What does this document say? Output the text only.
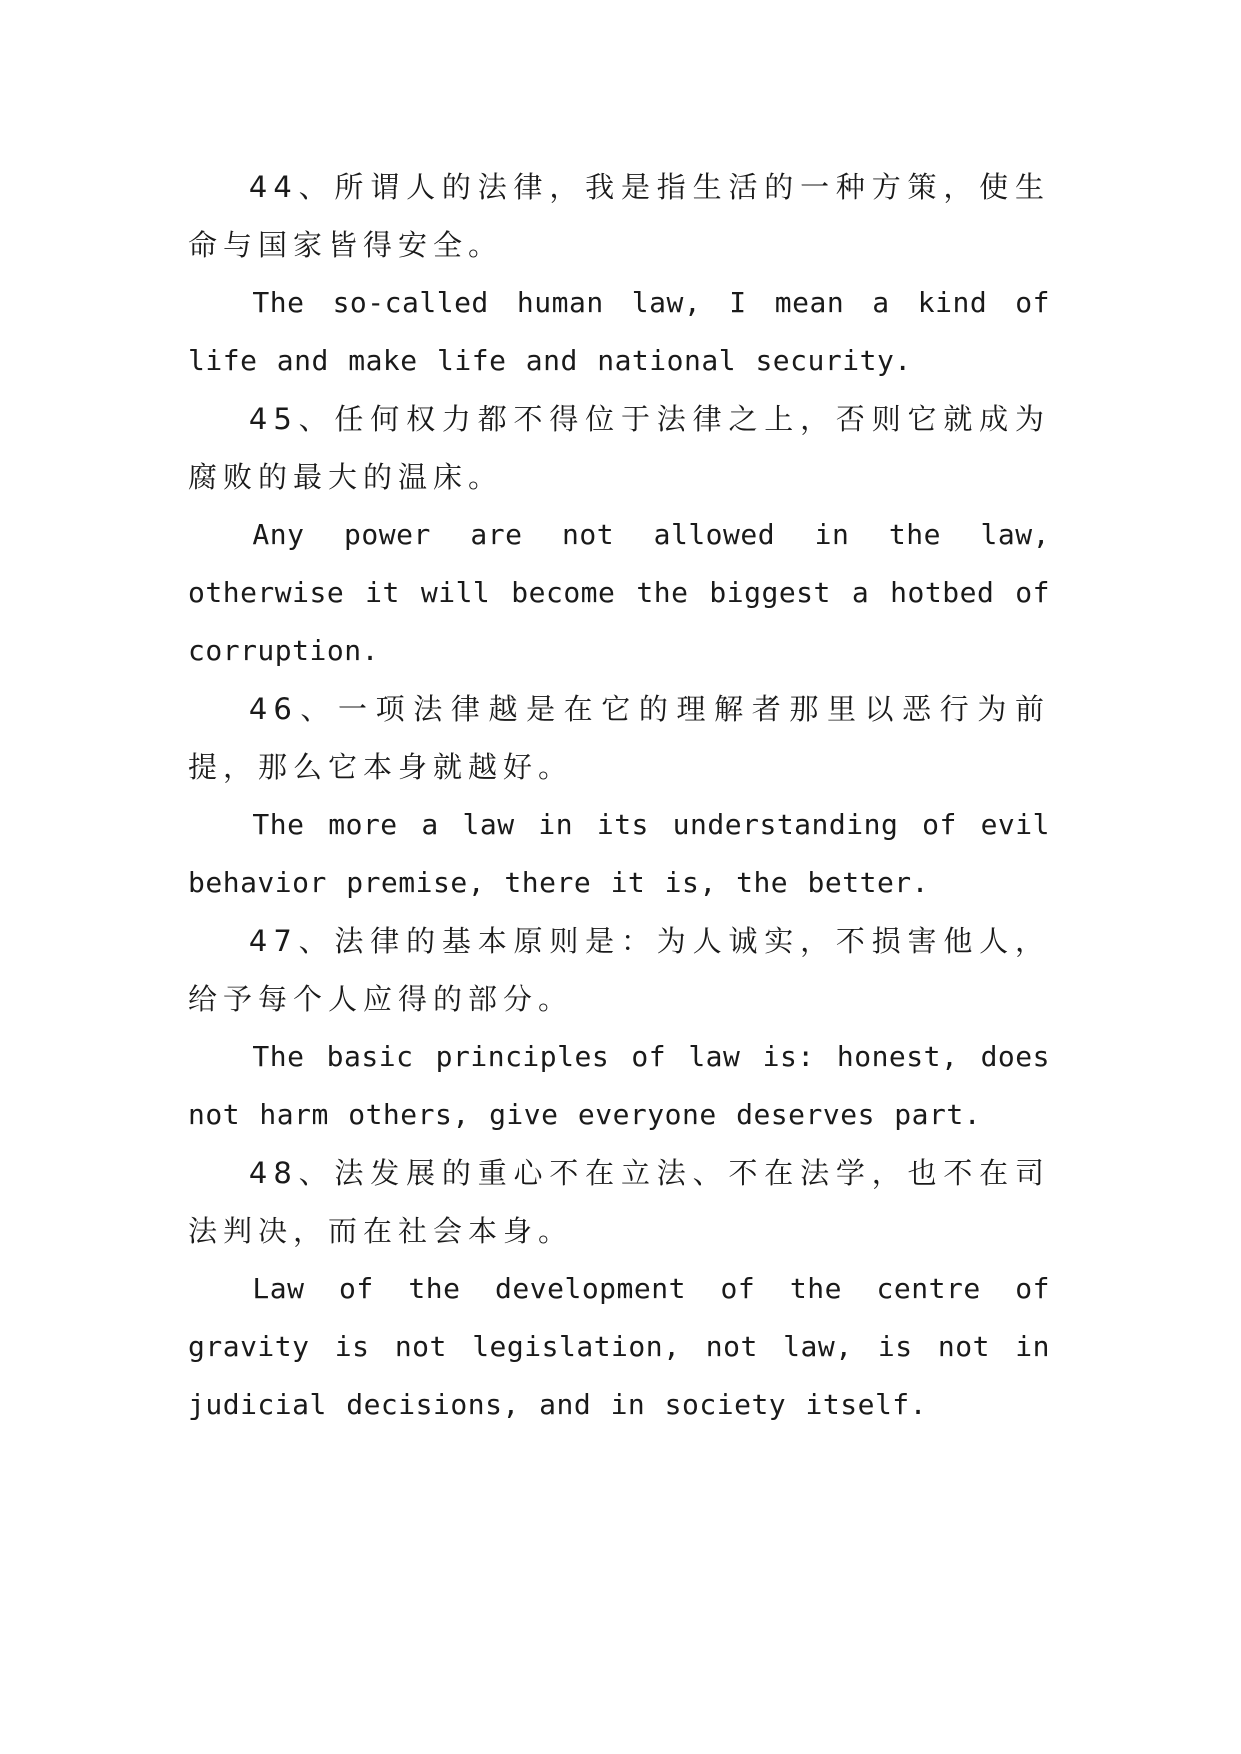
44、所谓人的法律，我是指生活的一种方策，使生命与国家皆得安全。

The so-called human law, I mean a kind of life and make life and national security.

45、任何权力都不得位于法律之上，否则它就成为腐败的最大的温床。

Any power are not allowed in the law, otherwise it will become the biggest a hotbed of corruption.

46、一项法律越是在它的理解者那里以恶行为前提，那么它本身就越好。

The more a law in its understanding of evil behavior premise, there it is, the better.

47、法律的基本原则是：为人诚实，不损害他人，给予每个人应得的部分。

The basic principles of law is: honest, does not harm others, give everyone deserves part.

48、法发展的重心不在立法、不在法学，也不在司法判决，而在社会本身。

Law of the development of the centre of gravity is not legislation, not law, is not in judicial decisions, and in society itself.
